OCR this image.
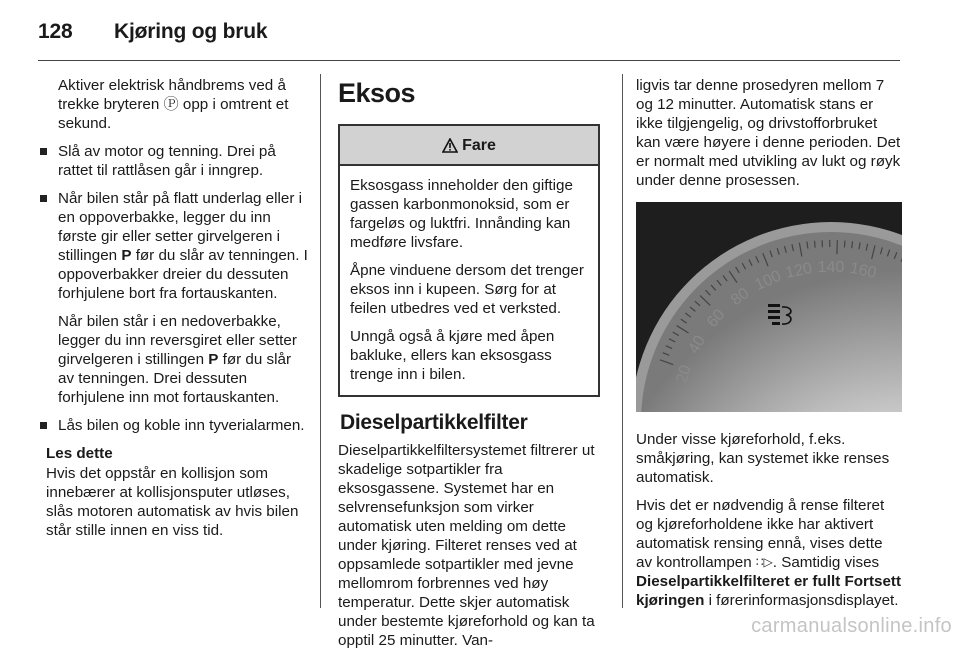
128 Kjøring og bruk

Aktiver elektrisk håndbrems ved å trekke bryteren Ⓟ opp i omtrent et sekund.

Slå av motor og tenning. Drei på rattet til rattlåsen går i inngrep.
Når bilen står på flatt underlag eller i en oppoverbakke, legger du inn første gir eller setter girvelgeren i stillingen P før du slår av tenningen. I oppoverbakker dreier du dessuten forhjulene bort fra fortauskanten.

Når bilen står i en nedoverbakke, legger du inn reversgiret eller setter girvelgeren i stillingen P før du slår av tenningen. Drei dessuten forhjulene inn mot fortauskanten.

Lås bilen og koble inn tyverialarmen.
Les dette
Hvis det oppstår en kollisjon som innebærer at kollisjonsputer utløses, slås motoren automatisk av hvis bilen står stille innen en viss tid.
Eksos
Fare

Eksosgass inneholder den giftige gassen karbonmonoksid, som er fargeløs og luktfri. Innånding kan medføre livsfare.

Åpne vinduene dersom det trenger eksos inn i kupeen. Sørg for at feilen utbedres ved et verksted.

Unngå også å kjøre med åpen bakluke, ellers kan eksosgass trenge inn i bilen.

Dieselpartikkelfilter

Dieselpartikkelfiltersystemet filtrerer ut skadelige sotpartikler fra eksosgassene. Systemet har en selvrensefunksjon som virker automatisk uten melding om dette under kjøring. Filteret renses ved at oppsamlede sotpartikler med jevne mellomrom forbrennes ved høy temperatur. Dette skjer automatisk under bestemte kjøreforhold og kan ta opptil 25 minutter. Van-

ligvis tar denne prosedyren mellom 7 og 12 minutter. Automatisk stans er ikke tilgjengelig, og drivstofforbruket kan være høyere i denne perioden. Det er normalt med utvikling av lukt og røyk under denne prosessen.

20
40
60
80
100 120 140 160

Under visse kjøreforhold, f.eks. småkjøring, kan systemet ikke renses automatisk.

Hvis det er nødvendig å rense filteret og kjøreforholdene ikke har aktivert automatisk rensing ennå, vises dette av kontrollampen ∷▷. Samtidig vises Dieselpartikkelfilteret er fullt Fortsett kjøringen i førerinformasjonsdisplayet.

carmanualsonline.info
